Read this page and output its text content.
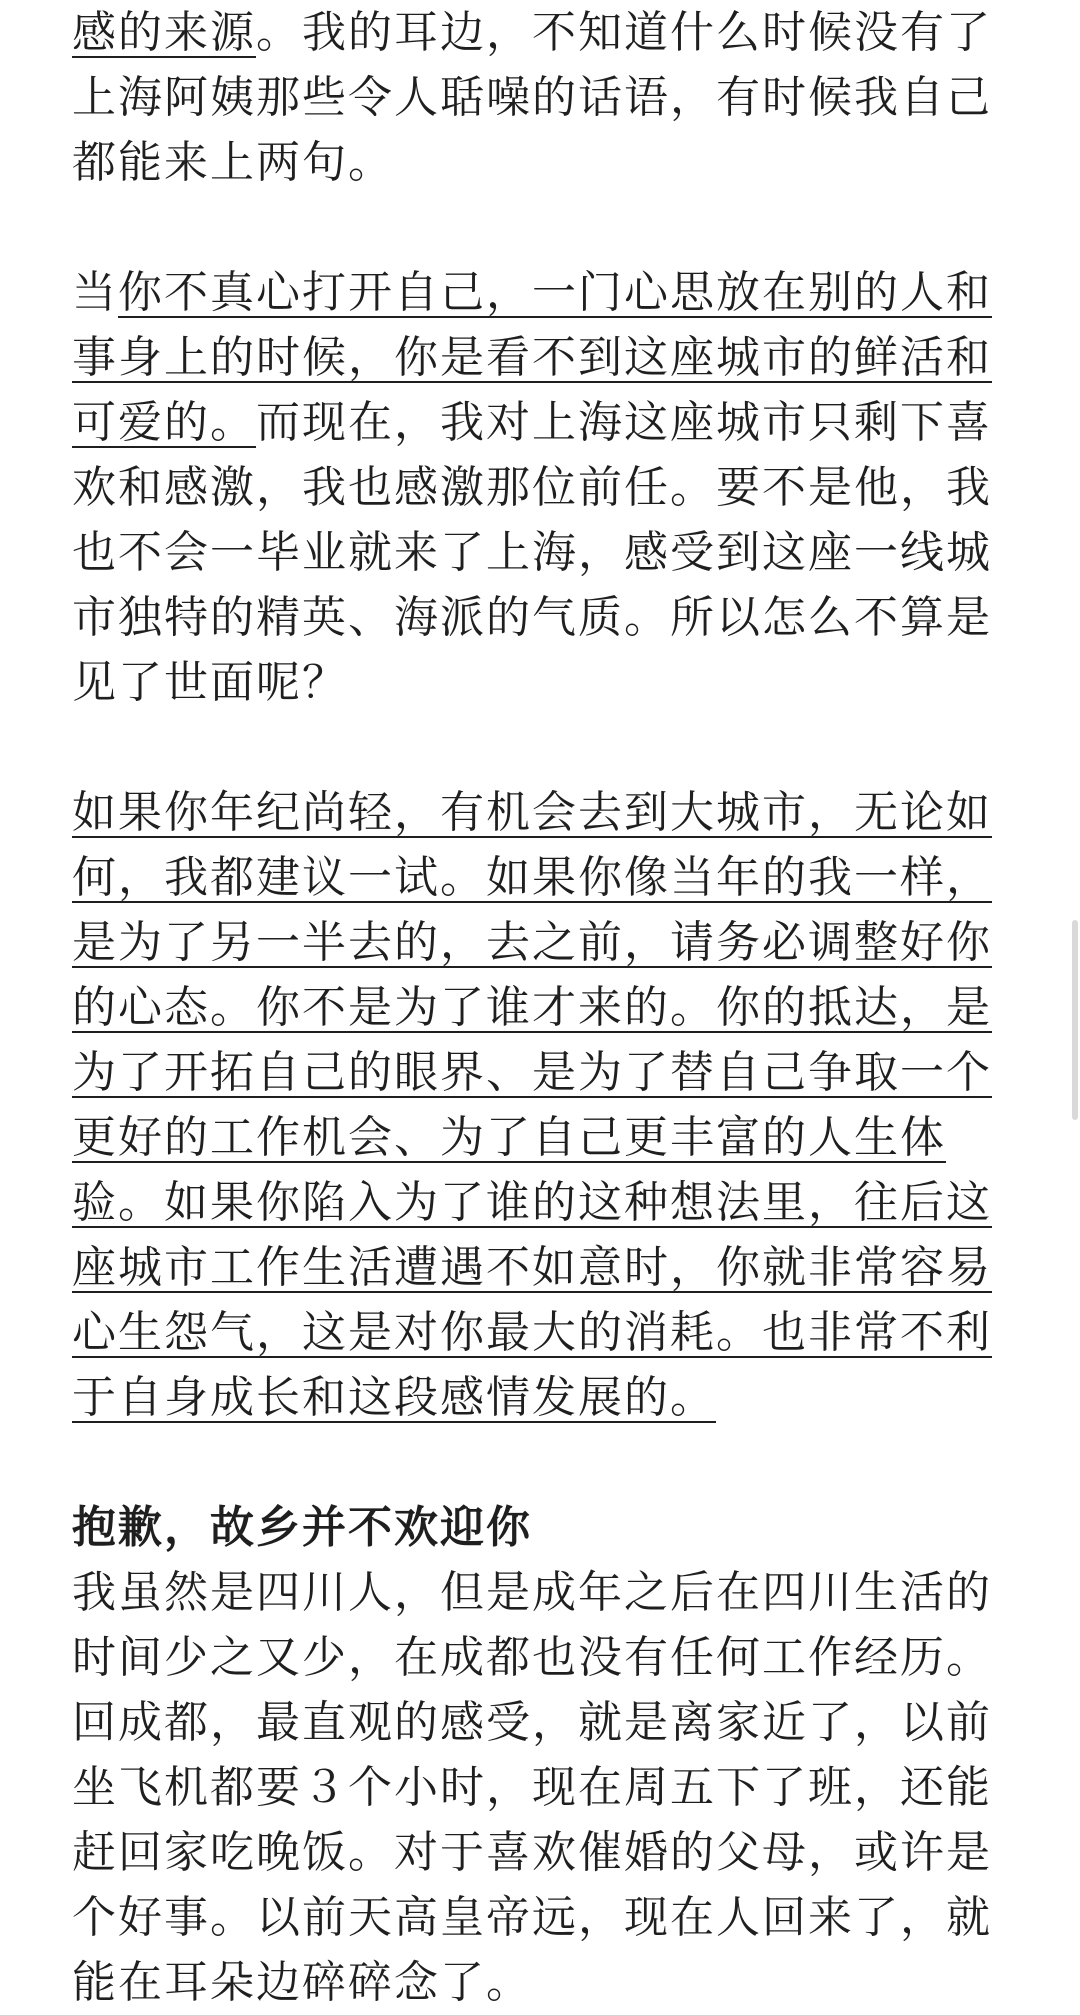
感的来源。我的耳边，不知道什么时候没有了上海阿姨那些令人聒噪的话语，有时候我自己都能来上两句。

当你不真心打开自己，一门心思放在别的人和事身上的时候，你是看不到这座城市的鲜活和可爱的。而现在，我对上海这座城市只剩下喜欢和感激，我也感激那位前任。要不是他，我也不会一毕业就来了上海，感受到这座一线城市独特的精英、海派的气质。所以怎么不算是见了世面呢？

如果你年纪尚轻，有机会去到大城市，无论如何，我都建议一试。如果你像当年的我一样，是为了另一半去的，去之前，请务必调整好你的心态。你不是为了谁才来的。你的抵达，是为了开拓自己的眼界、是为了替自己争取一个更好的工作机会、为了自己更丰富的人生体验。如果你陷入为了谁的这种想法里，往后这座城市工作生活遭遇不如意时，你就非常容易心生怨气，这是对你最大的消耗。也非常不利于自身成长和这段感情发展的。

抱歉，故乡并不欢迎你

我虽然是四川人，但是成年之后在四川生活的时间少之又少，在成都也没有任何工作经历。回成都，最直观的感受，就是离家近了，以前坐飞机都要３个小时，现在周五下了班，还能赶回家吃晚饭。对于喜欢催婚的父母，或许是个好事。以前天高皇帝远，现在人回来了，就能在耳朵边碎碎念了。
